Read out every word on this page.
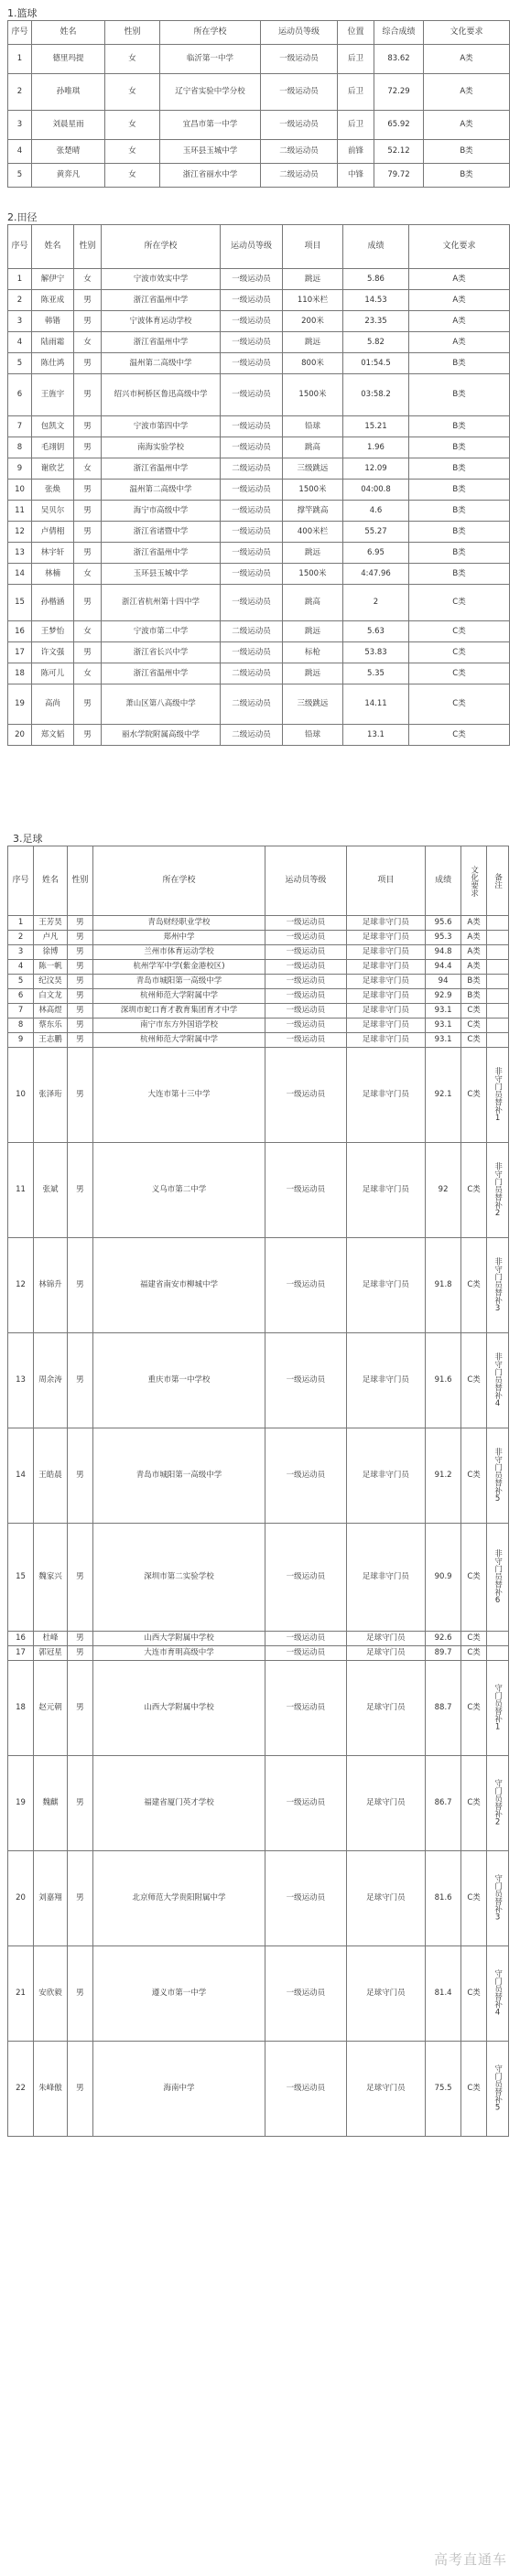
1.篮球
序号	姓名	性别	所在学校	运动员等级	位置	综合成绩	文化要求
1	德里玛提	女	临沂第一中学	一级运动员	后卫	83.62	A类
2	孙唯琪	女	辽宁省实验中学分校	一级运动员	后卫	72.29	A类
3	刘晨星雨	女	宜昌市第一中学	一级运动员	后卫	65.92	A类
4	张楚晴	女	玉环县玉城中学	二级运动员	前锋	52.12	B类
5	黄弈凡	女	浙江省丽水中学	二级运动员	中锋	79.72	B类
2.田径
序号	姓名	性别	所在学校	运动员等级	项目	成绩	文化要求
1	解伊宁	女	宁波市效实中学	一级运动员	跳远	5.86	A类
2	陈亚成	男	浙江省温州中学	一级运动员	110米栏	14.53	A类
3	韩锴	男	宁波体育运动学校	一级运动员	200米	23.35	A类
4	陆雨霜	女	浙江省温州中学	一级运动员	跳远	5.82	A类
5	陈仕鸿	男	温州第二高级中学	一级运动员	800米	01:54.5	B类
6	王旌宇	男	绍兴市柯桥区鲁迅高级中学	一级运动员	1500米	03:58.2	B类
7	包凯文	男	宁波市第四中学	一级运动员	铅球	15.21	B类
8	毛翊钥	男	南海实验学校	一级运动员	跳高	1.96	B类
9	谢欣艺	女	浙江省温州中学	二级运动员	三级跳远	12.09	B类
10	张焕	男	温州第二高级中学	一级运动员	1500米	04:00.8	B类
11	吴贝尔	男	海宁市高级中学	一级运动员	撑竿跳高	4.6	B类
12	卢倩栩	男	浙江省诸暨中学	一级运动员	400米栏	55.27	B类
13	林宇轩	男	浙江省温州中学	一级运动员	跳远	6.95	B类
14	林楠	女	玉环县玉城中学	一级运动员	1500米	4:47.96	B类
15	孙楷涵	男	浙江省杭州第十四中学	一级运动员	跳高	2	C类
16	王梦怡	女	宁波市第二中学	二级运动员	跳远	5.63	C类
17	许文强	男	浙江省长兴中学	一级运动员	标枪	53.83	C类
18	陈可儿	女	浙江省温州中学	二级运动员	跳远	5.35	C类
19	高尚	男	萧山区第八高级中学	二级运动员	三级跳远	14.11	C类
20	郑文韬	男	丽水学院附属高级中学	二级运动员	铅球	13.1	C类
3.足球
序号	姓名	性别	所在学校	运动员等级	项目	成绩	文化要求	备注

1	王芳昊	男	青岛财经职业学校	一级运动员	足球非守门员	95.6	A类	
2	卢凡	男	郑州中学	一级运动员	足球非守门员	95.3	A类	
3	徐博	男	兰州市体育运动学校	一级运动员	足球非守门员	94.8	A类	
4	陈一帆	男	杭州学军中学(紫金港校区)	一级运动员	足球非守门员	94.4	A类	
5	纪汶昊	男	青岛市城阳第一高级中学	一级运动员	足球非守门员	94	B类	
6	白文龙	男	杭州师范大学附属中学	一级运动员	足球非守门员	92.9	B类	
7	林高煜	男	深圳市蛇口育才教育集团育才中学	一级运动员	足球非守门员	93.1	C类	
8	蔡东乐	男	南宁市东方外国语学校	一级运动员	足球非守门员	93.1	C类	
9	王志鹏	男	杭州师范大学附属中学	一级运动员	足球非守门员	93.1	C类	
10	张泽珩	男	大连市第十三中学	一级运动员	足球非守门员	92.1	C类	非守门员替补1

11	张斌	男	义乌市第二中学	一级运动员	足球非守门员	92	C类	非守门员替补2

12	林锦升	男	福建省南安市柳城中学	一级运动员	足球非守门员	91.8	C类	非守门员替补3

13	周余涛	男	重庆市第一中学校	一级运动员	足球非守门员	91.6	C类	非守门员替补4

14	王皓晨	男	青岛市城阳第一高级中学	一级运动员	足球非守门员	91.2	C类	非守门员替补5

15	魏家兴	男	深圳市第二实验学校	一级运动员	足球非守门员	90.9	C类	非守门员替补6

16	杜峰	男	山西大学附属中学校	一级运动员	足球守门员	92.6	C类	
17	郭冠星	男	大连市育明高级中学	一级运动员	足球守门员	89.7	C类	
18	赵元朝	男	山西大学附属中学校	一级运动员	足球守门员	88.7	C类	守门员替补1

19	魏麒	男	福建省厦门英才学校	一级运动员	足球守门员	86.7	C类	守门员替补2

20	刘嘉翔	男	北京师范大学贵阳附属中学	一级运动员	足球守门员	81.6	C类	守门员替补3

21	安欣毅	男	遵义市第一中学	一级运动员	足球守门员	81.4	C类	守门员替补4

22	朱峰傲	男	海南中学	一级运动员	足球守门员	75.5	C类	守门员替补5
高考直通车
